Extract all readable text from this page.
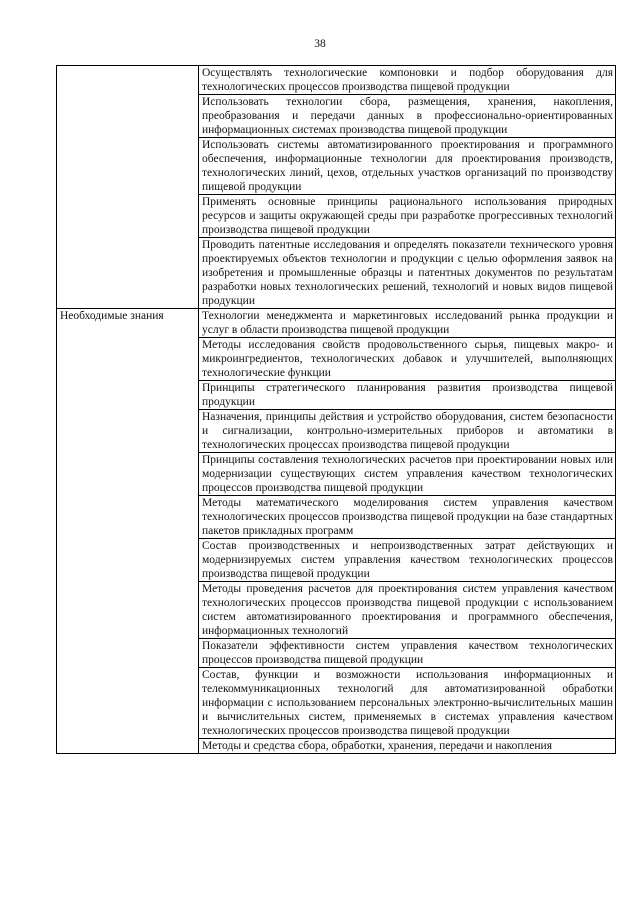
38
	Осуществлять технологические компоновки и подбор оборудования для технологических процессов производства пищевой продукции
	Использовать технологии сбора, размещения, хранения, накопления, преобразования и передачи данных в профессионально-ориентированных информационных системах производства пищевой продукции
	Использовать системы автоматизированного проектирования и программного обеспечения, информационные технологии для проектирования производств, технологических линий, цехов, отдельных участков организаций по производству пищевой продукции
	Применять основные принципы рационального использования природных ресурсов и защиты окружающей среды при разработке прогрессивных технологий производства пищевой продукции
	Проводить патентные исследования и определять показатели технического уровня проектируемых объектов технологии и продукции с целью оформления заявок на изобретения и промышленные образцы и патентных документов по результатам разработки новых технологических решений, технологий и новых видов пищевой продукции
Необходимые знания	Технологии менеджмента и маркетинговых исследований рынка продукции и услуг в области производства пищевой продукции
	Методы исследования свойств продовольственного сырья, пищевых макро- и микроингредиентов, технологических добавок и улучшителей, выполняющих технологические функции
	Принципы стратегического планирования развития производства пищевой продукции
	Назначения, принципы действия и устройство оборудования, систем безопасности и сигнализации, контрольно-измерительных приборов и автоматики в технологических процессах производства пищевой продукции
	Принципы составления технологических расчетов при проектировании новых или модернизации существующих систем управления качеством технологических процессов производства пищевой продукции
	Методы математического моделирования систем управления качеством технологических процессов производства пищевой продукции на базе стандартных пакетов прикладных программ
	Состав производственных и непроизводственных затрат действующих и модернизируемых систем управления качеством технологических процессов производства пищевой продукции
	Методы проведения расчетов для проектирования систем управления качеством технологических процессов производства пищевой продукции с использованием систем автоматизированного проектирования и программного обеспечения, информационных технологий
	Показатели эффективности систем управления качеством технологических процессов производства пищевой продукции
	Состав, функции и возможности использования информационных и телекоммуникационных технологий для автоматизированной обработки информации с использованием персональных электронно-вычислительных машин и вычислительных систем, применяемых в системах управления качеством технологических процессов производства пищевой продукции
	Методы и средства сбора, обработки, хранения, передачи и накопления
